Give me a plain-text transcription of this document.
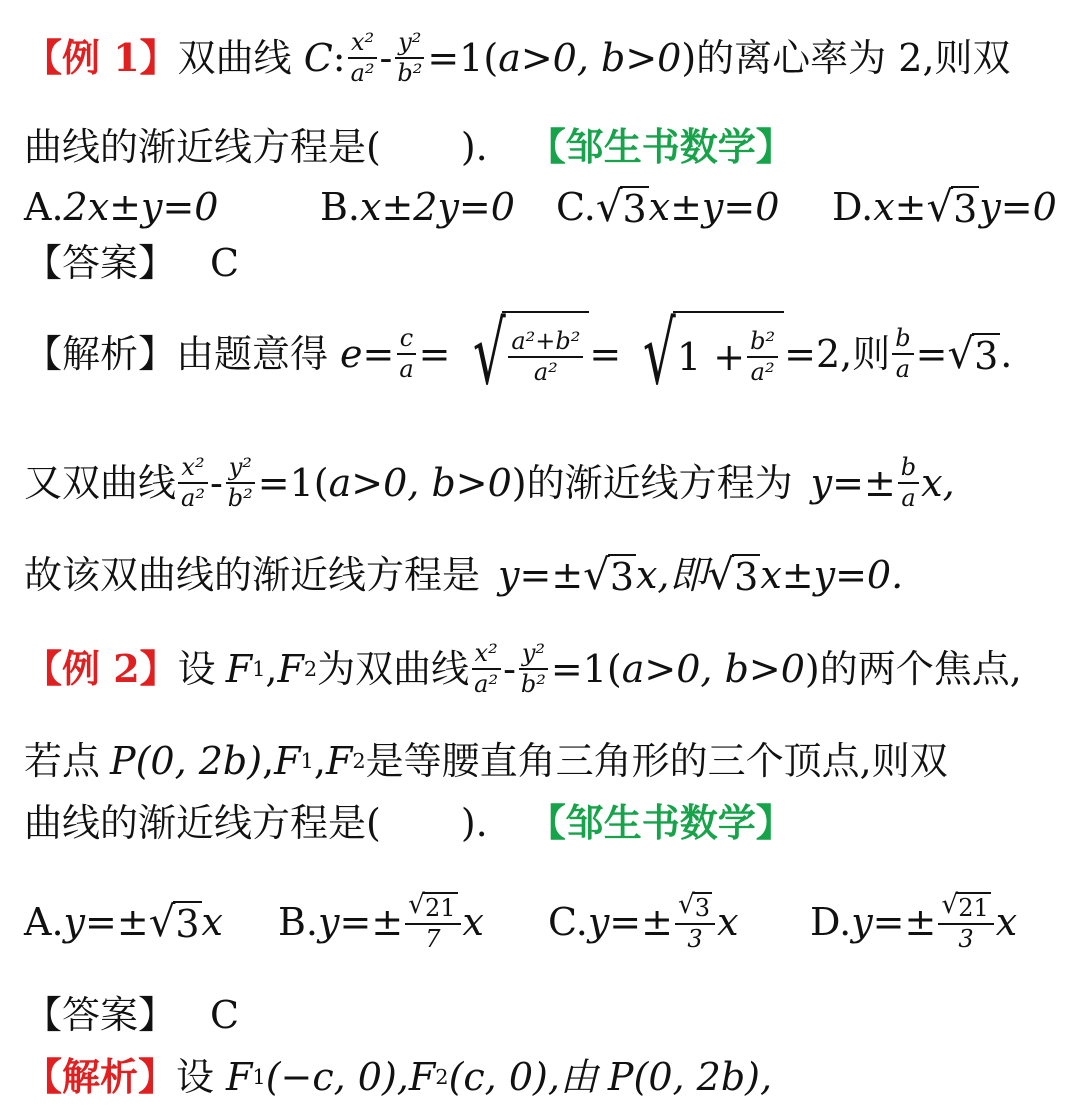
【例 1】 双曲线 C : $\frac{\text{x²}}{\text{a²}} - \frac{\text{y²}}{\text{b²}} =1$( a>0, b>0 )的离心率为 2,则双
曲线的渐近线方程是( ). 【邹生书数学】
A. 2x±y=0	B. x±2y=0 C. √ 3 x±y=0 D. x± √ 3 y=0
【答案】 C
【解析】 由题意得 $e= \frac{c}{a}$ = √ $\frac{\text{a²+b²}}{\text{a²}}$ = √ $1 + \frac{\text{b²}}{\text{a²}} =2$,则 $\frac{b}{a}$ = √ 3 .
又双曲线 $\frac{\text{x²}}{\text{a²}} - \frac{\text{y²}}{\text{b²}} =1$( a>0, b>0 ) 的渐近线方程为 $y=\pm \frac{b}{a} x$,
故该双曲线的渐近线方程是 y=± √ 3 x,即 √ 3 x±y=0.
【例 2】 设 F 1 , F 2 为双曲线 $\frac{\text{x²}}{\text{a²}} - \frac{\text{y²}}{\text{b²}} =1$( a>0, b>0 ) 的两个焦点,
若点 P(0, 2b) , F 1 , F 2 是等腰直角三角形的三个顶点,则双
曲线的渐近线方程是( ). 【邹生书数学】
A. y=± √ 3 x B. $y=\pm \frac{√ 21}{7}$ x C. $y=\pm \frac{√ 3}{3}$ x D. $y=\pm \frac{√ 21}{3}$ x
【答案】 C
【解析】 设 F 1 (−c, 0), F 2 (c, 0),由 P(0, 2b),
